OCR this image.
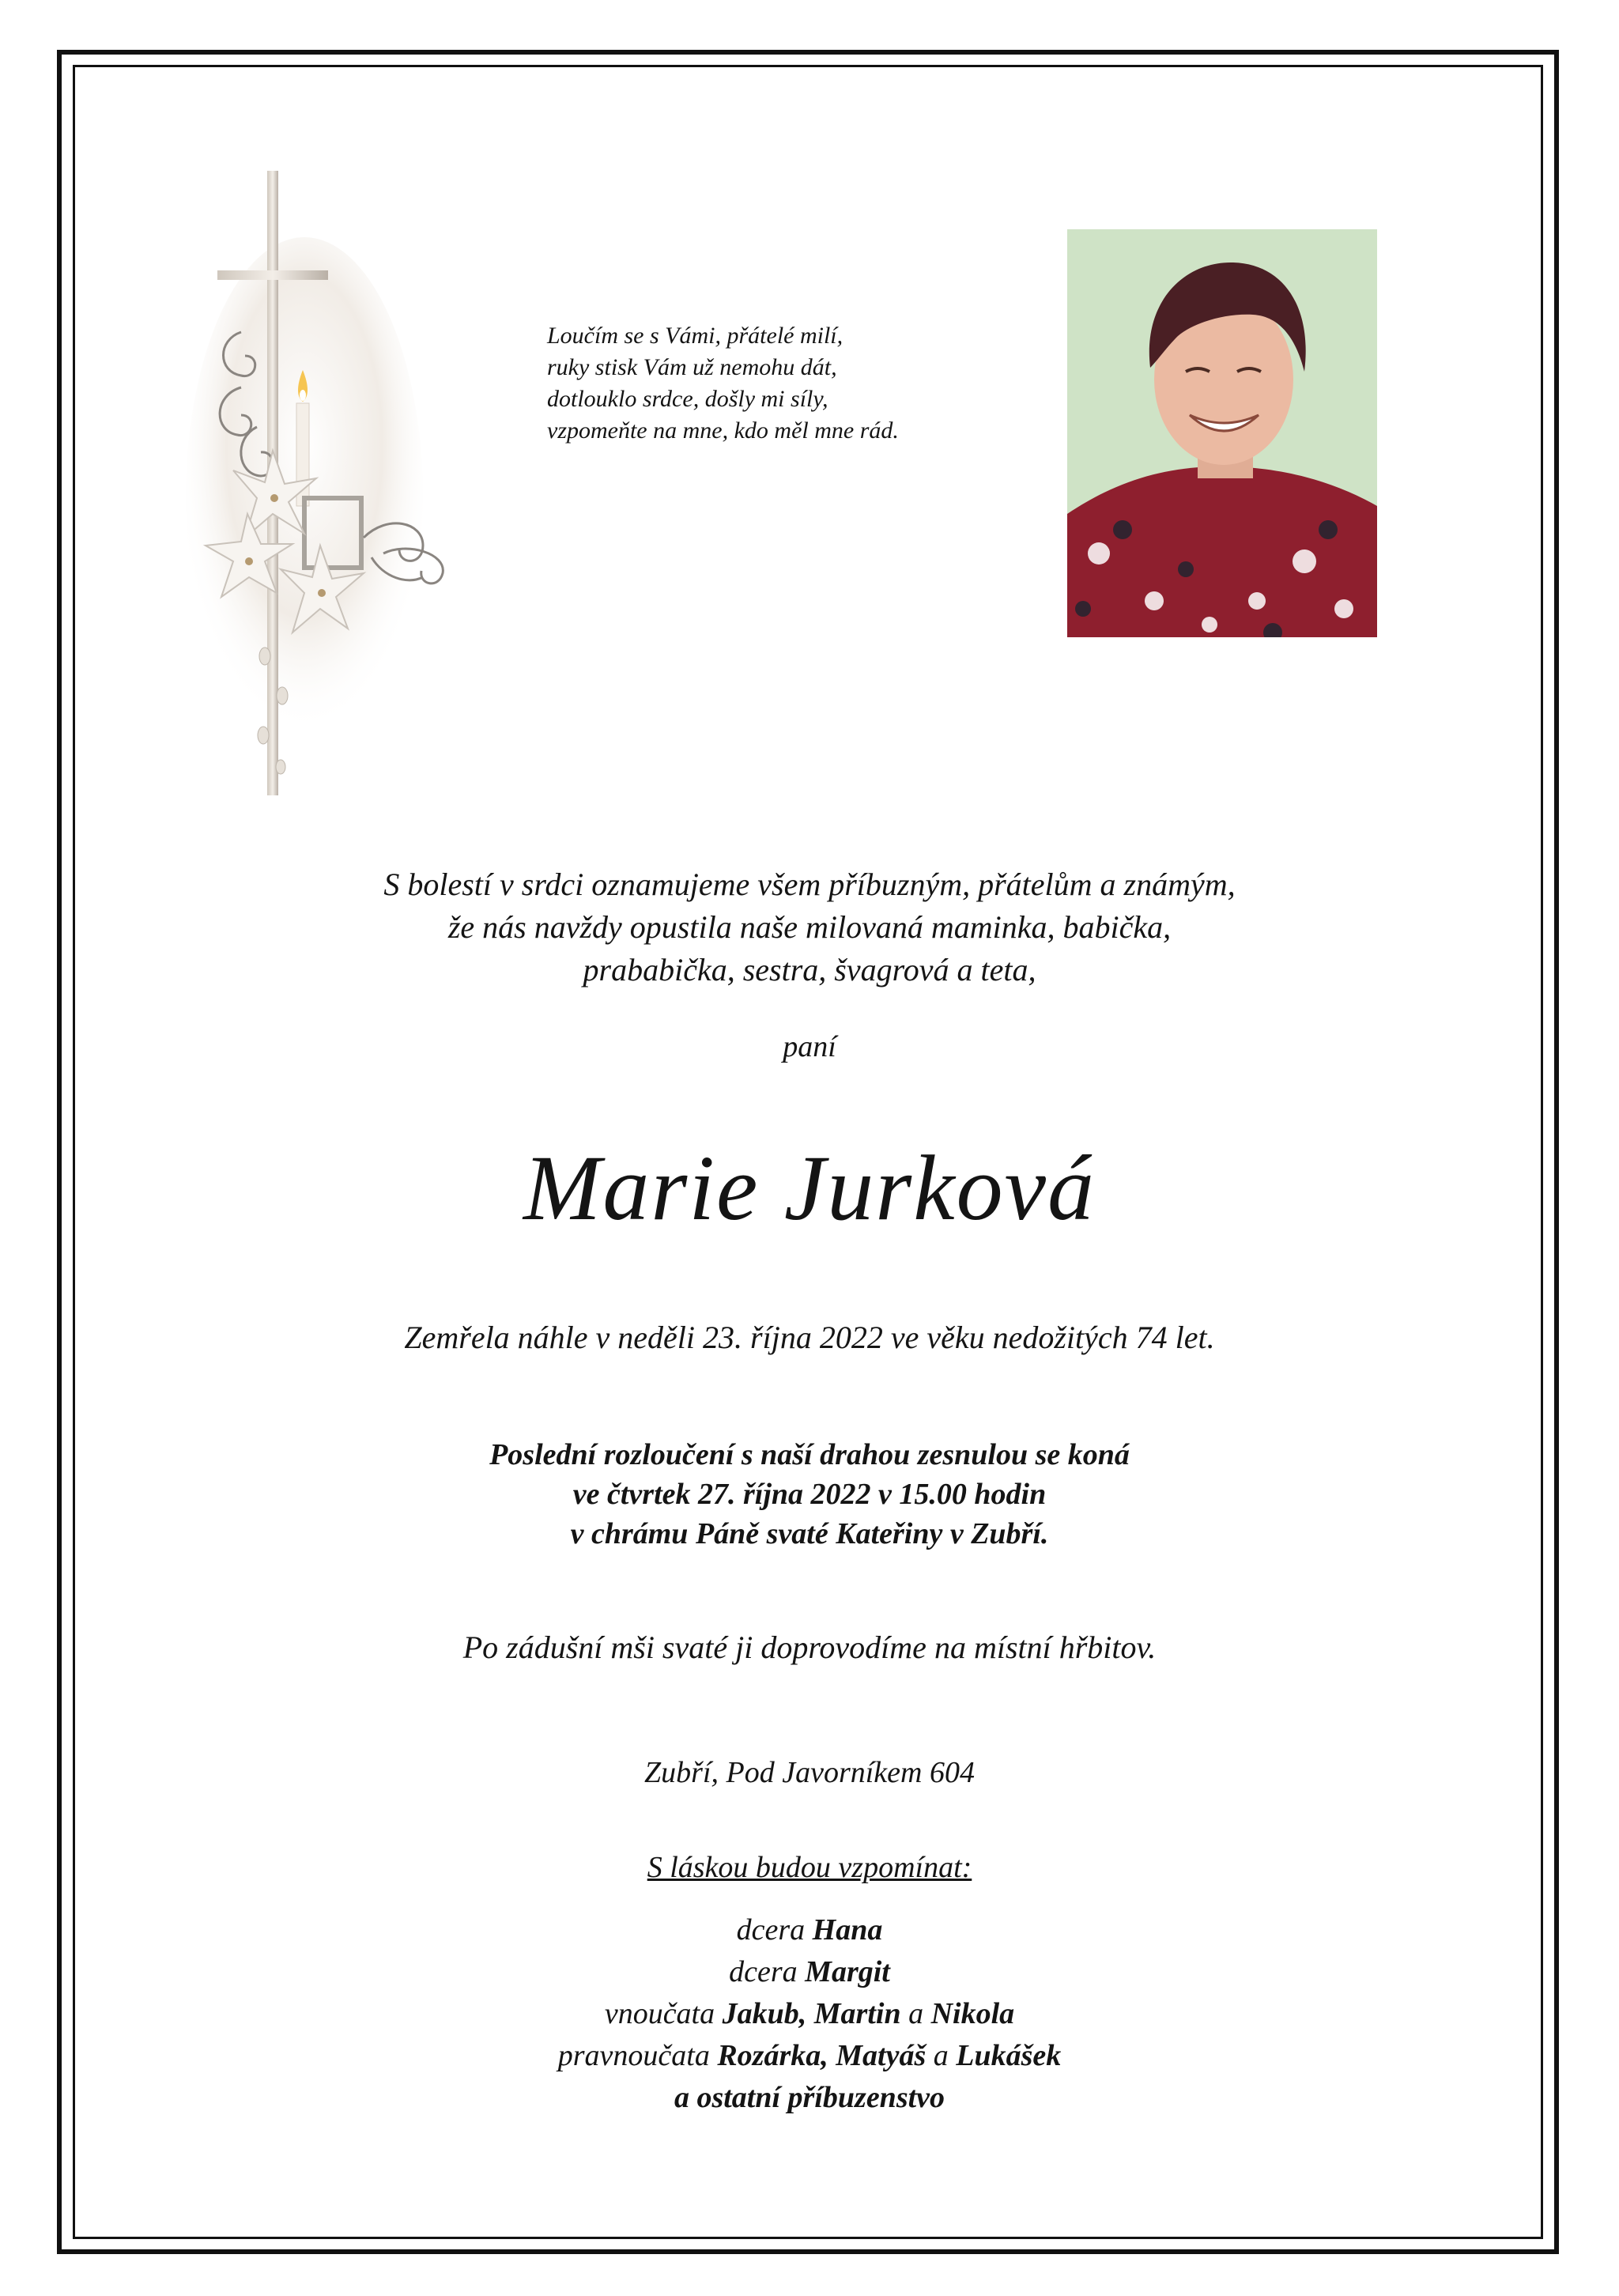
Loučím se s Vámi, přátelé milí,
ruky stisk Vám už nemohu dát,
dotlouklo srdce, došly mi síly,
vzpomeňte na mne, kdo měl mne rád.
S bolestí v srdci oznamujeme všem příbuzným, přátelům a známým,
že nás navždy opustila naše milovaná maminka, babička,
prababička, sestra, švagrová a teta,
paní
Marie Jurková
Zemřela náhle v neděli 23. října 2022 ve věku nedožitých 74 let.
Poslední rozloučení s naší drahou zesnulou se koná
ve čtvrtek 27. října 2022 v 15.00 hodin
v chrámu Páně svaté Kateřiny v Zubří.
Po zádušní mši svaté ji doprovodíme na místní hřbitov.
Zubří, Pod Javorníkem 604
S láskou budou vzpomínat:
dcera Hana
dcera Margit
vnoučata Jakub, Martin a Nikola
pravnoučata Rozárka, Matyáš a Lukášek
a ostatní příbuzenstvo
